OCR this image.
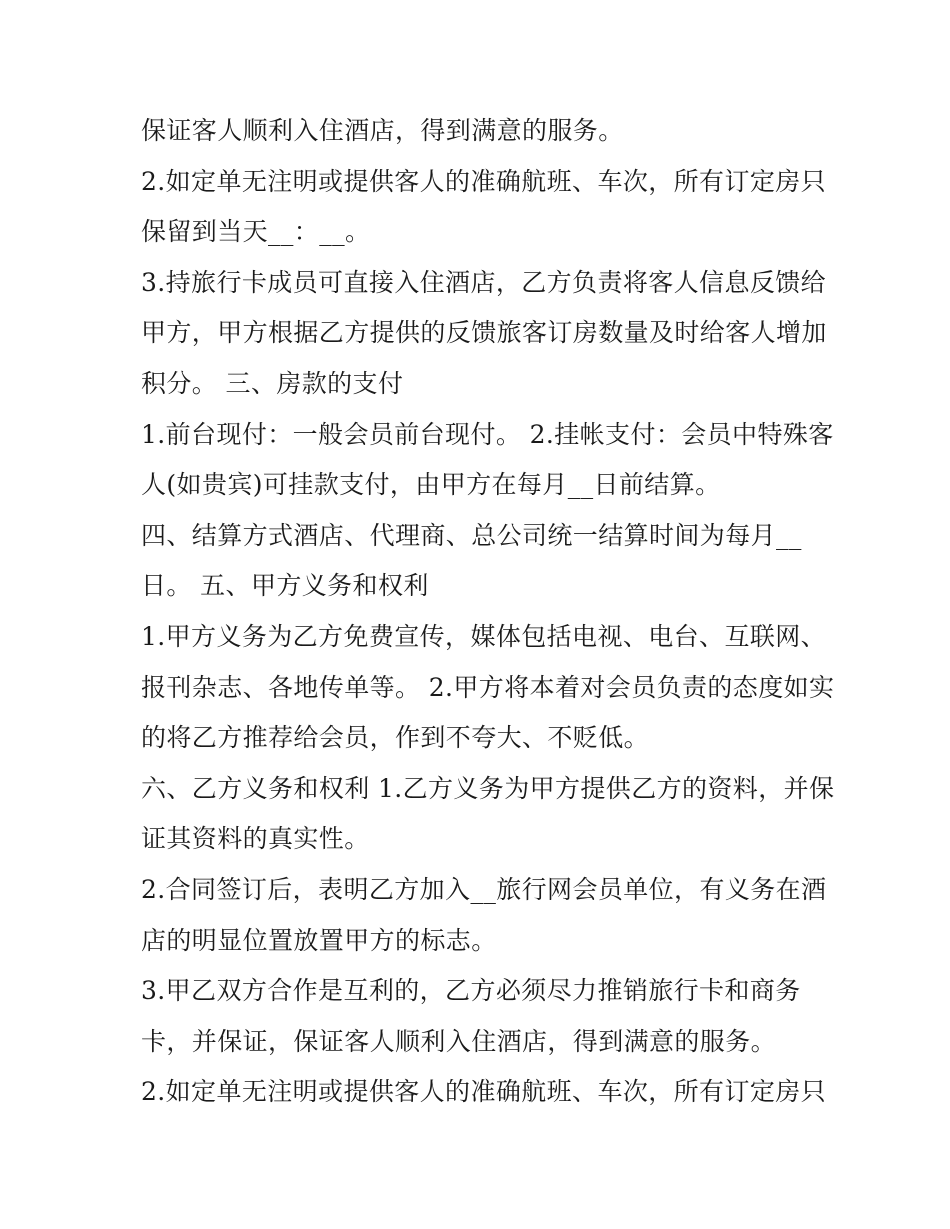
保证客人顺利入住酒店，得到满意的服务。
2.如定单无注明或提供客人的准确航班、车次，所有订定房只
保留到当天__：__。
3.持旅行卡成员可直接入住酒店，乙方负责将客人信息反馈给
甲方，甲方根据乙方提供的反馈旅客订房数量及时给客人增加
积分。 三、房款的支付
1.前台现付：一般会员前台现付。 2.挂帐支付：会员中特殊客
人(如贵宾)可挂款支付，由甲方在每月__日前结算。
四、结算方式酒店、代理商、总公司统一结算时间为每月__
日。 五、甲方义务和权利
1.甲方义务为乙方免费宣传，媒体包括电视、电台、互联网、
报刊杂志、各地传单等。 2.甲方将本着对会员负责的态度如实
的将乙方推荐给会员，作到不夸大、不贬低。
六、乙方义务和权利 1.乙方义务为甲方提供乙方的资料，并保
证其资料的真实性。
2.合同签订后，表明乙方加入__旅行网会员单位，有义务在酒
店的明显位置放置甲方的标志。
3.甲乙双方合作是互利的，乙方必须尽力推销旅行卡和商务
卡，并保证，保证客人顺利入住酒店，得到满意的服务。
2.如定单无注明或提供客人的准确航班、车次，所有订定房只
